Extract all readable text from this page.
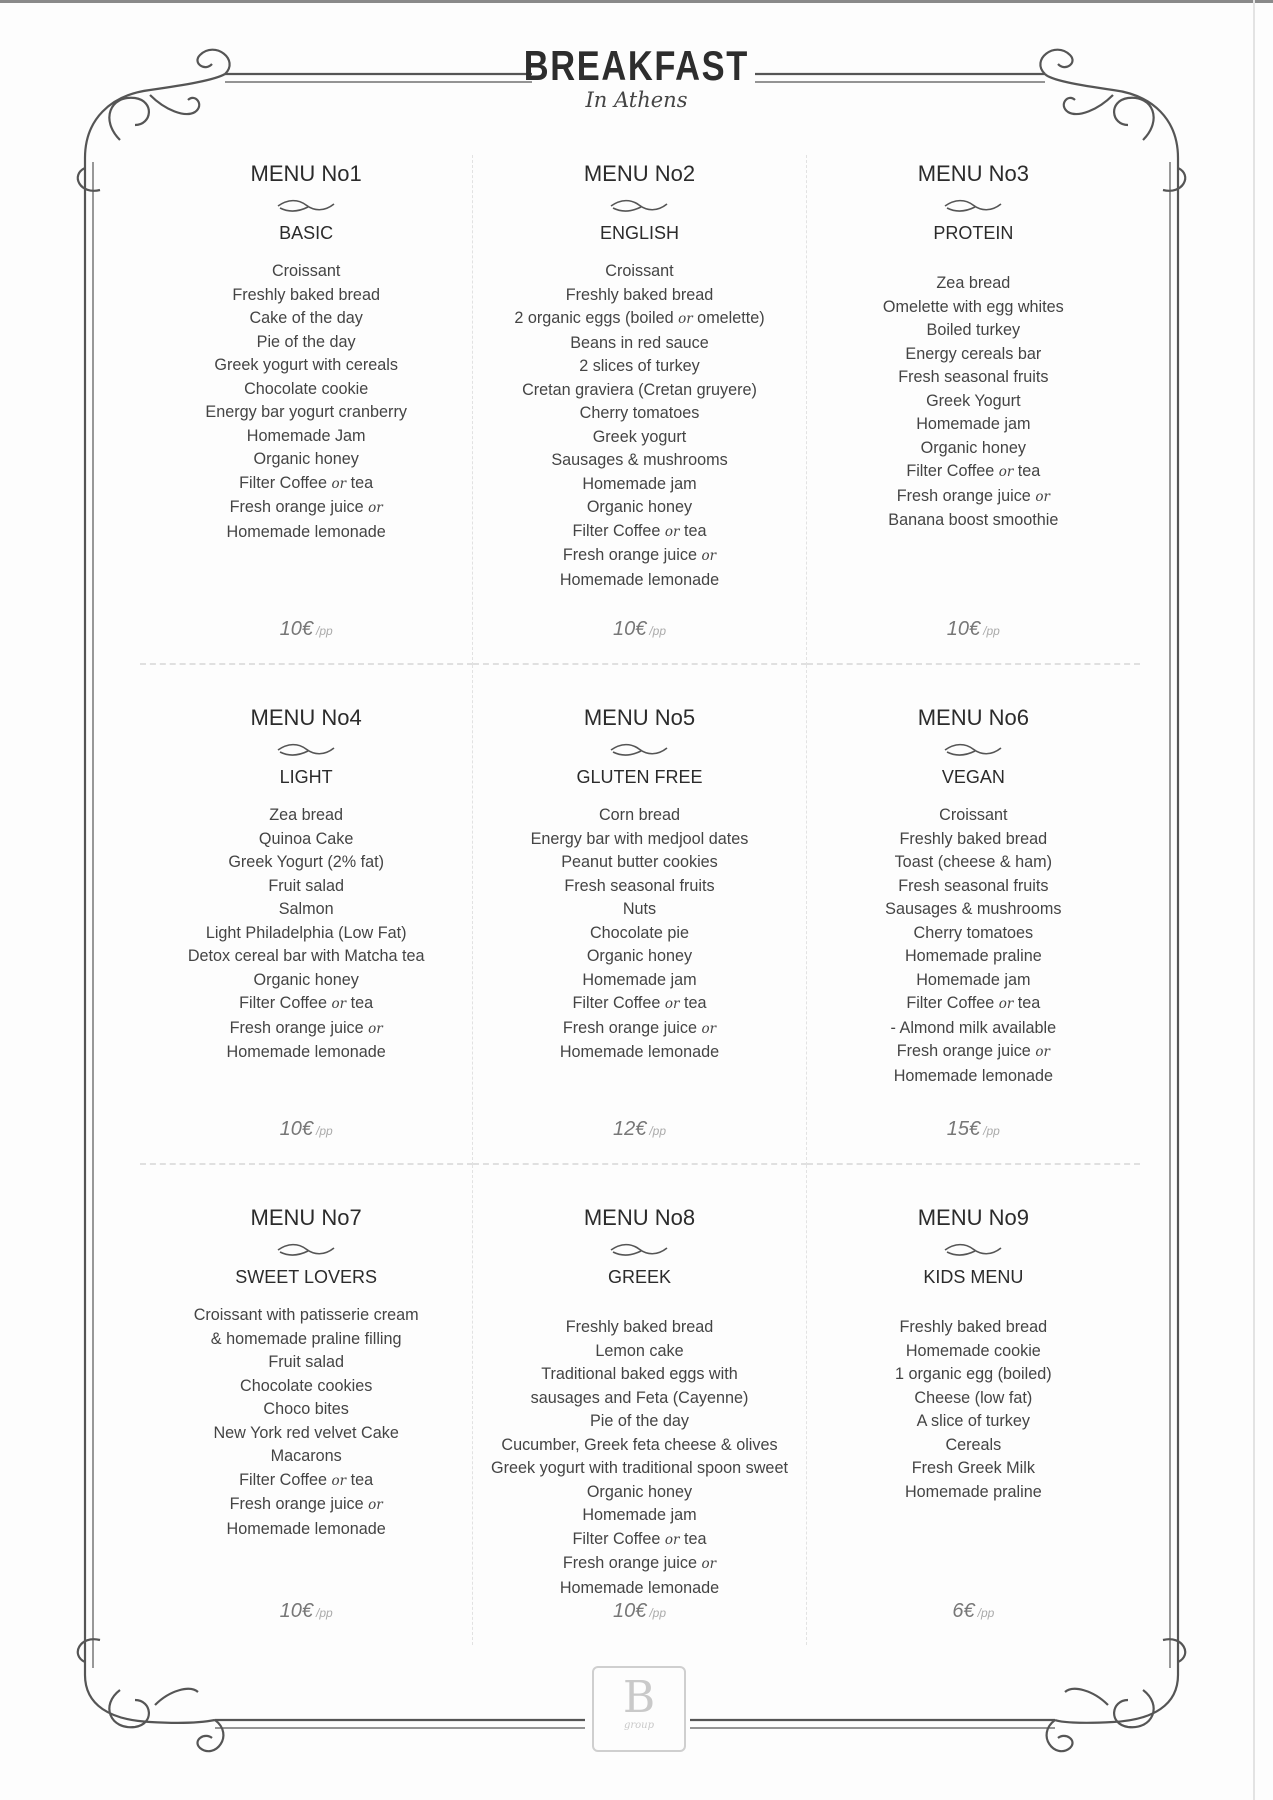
BREAKFAST
In Athens
MENU No1
BASIC
Croissant
Freshly baked bread
Cake of the day
Pie of the day
Greek yogurt with cereals
Chocolate cookie
Energy bar yogurt cranberry
Homemade Jam
Organic honey
Filter Coffee or tea
Fresh orange juice or
Homemade lemonade
10€ /pp
MENU No2
ENGLISH
Croissant
Freshly baked bread
2 organic eggs (boiled or omelette)
Beans in red sauce
2 slices of turkey
Cretan graviera (Cretan gruyere)
Cherry tomatoes
Greek yogurt
Sausages & mushrooms
Homemade jam
Organic honey
Filter Coffee or tea
Fresh orange juice or
Homemade lemonade
10€ /pp
MENU No3
PROTEIN
Zea bread
Omelette with egg whites
Boiled turkey
Energy cereals bar
Fresh seasonal fruits
Greek Yogurt
Homemade jam
Organic honey
Filter Coffee or tea
Fresh orange juice or
Banana boost smoothie
10€ /pp
MENU No4
LIGHT
Zea bread
Quinoa Cake
Greek Yogurt (2% fat)
Fruit salad
Salmon
Light Philadelphia (Low Fat)
Detox cereal bar with Matcha tea
Organic honey
Filter Coffee or tea
Fresh orange juice or
Homemade lemonade
10€ /pp
MENU No5
GLUTEN FREE
Corn bread
Energy bar with medjool dates
Peanut butter cookies
Fresh seasonal fruits
Nuts
Chocolate pie
Organic honey
Homemade jam
Filter Coffee or tea
Fresh orange juice or
Homemade lemonade
12€ /pp
MENU No6
VEGAN
Croissant
Freshly baked bread
Toast (cheese & ham)
Fresh seasonal fruits
Sausages & mushrooms
Cherry tomatoes
Homemade praline
Homemade jam
Filter Coffee or tea
- Almond milk available
Fresh orange juice or
Homemade lemonade
15€ /pp
MENU No7
SWEET LOVERS
Croissant with patisserie cream
& homemade praline filling
Fruit salad
Chocolate cookies
Choco bites
New York red velvet Cake
Macarons
Filter Coffee or tea
Fresh orange juice or
Homemade lemonade
10€ /pp
MENU No8
GREEK
Freshly baked bread
Lemon cake
Traditional baked eggs with
sausages and Feta (Cayenne)
Pie of the day
Cucumber, Greek feta cheese & olives
Greek yogurt with traditional spoon sweet
Organic honey
Homemade jam
Filter Coffee or tea
Fresh orange juice or
Homemade lemonade
10€ /pp
MENU No9
KIDS MENU
Freshly baked bread
Homemade cookie
1 organic egg (boiled)
Cheese (low fat)
A slice of turkey
Cereals
Fresh Greek Milk
Homemade praline
6€ /pp
B
group
